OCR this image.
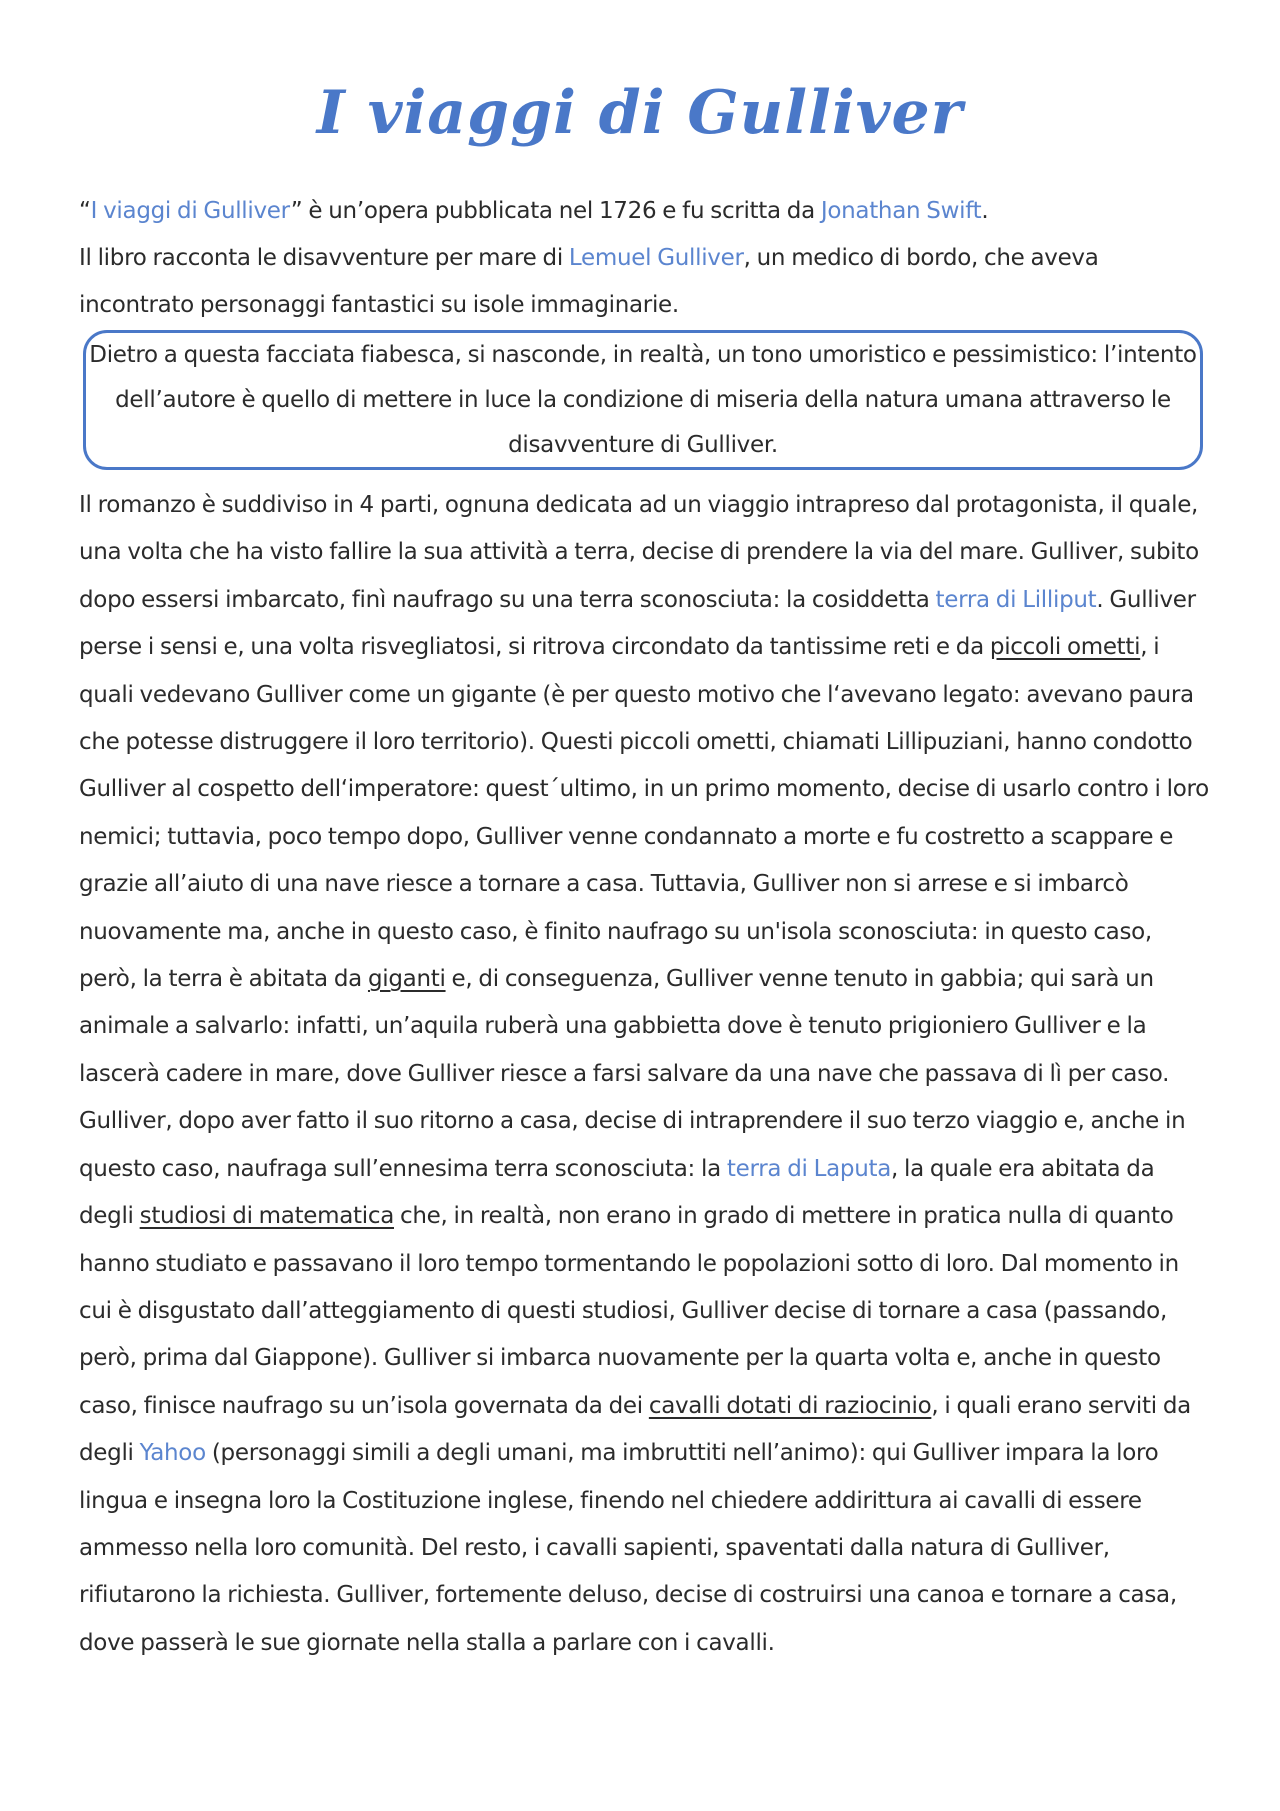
I viaggi di Gulliver

“I viaggi di Gulliver” è un’opera pubblicata nel 1726 e fu scritta da Jonathan Swift.

Il libro racconta le disavventure per mare di Lemuel Gulliver, un medico di bordo, che aveva incontrato personaggi fantastici su isole immaginarie.

Dietro a questa facciata fiabesca, si nasconde, in realtà, un tono umoristico e pessimistico: l’intento dell’autore è quello di mettere in luce la condizione di miseria della natura umana attraverso le disavventure di Gulliver.

Il romanzo è suddiviso in 4 parti, ognuna dedicata ad un viaggio intrapreso dal protagonista, il quale, una volta che ha visto fallire la sua attività a terra, decise di prendere la via del mare. Gulliver, subito dopo essersi imbarcato, finì naufrago su una terra sconosciuta: la cosiddetta terra di Lilliput. Gulliver perse i sensi e, una volta risvegliatosi, si ritrova circondato da tantissime reti e da piccoli ometti, i quali vedevano Gulliver come un gigante (è per questo motivo che l‘avevano legato: avevano paura che potesse distruggere il loro territorio). Questi piccoli ometti, chiamati Lillipuziani, hanno condotto Gulliver al cospetto dell‘imperatore: quest´ultimo, in un primo momento, decise di usarlo contro i loro nemici; tuttavia, poco tempo dopo, Gulliver venne condannato a morte e fu costretto a scappare e grazie all’aiuto di una nave riesce a tornare a casa. Tuttavia, Gulliver non si arrese e si imbarcò nuovamente ma, anche in questo caso, è finito naufrago su un'isola sconosciuta: in questo caso, però, la terra è abitata da giganti e, di conseguenza, Gulliver venne tenuto in gabbia; qui sarà un animale a salvarlo: infatti, un’aquila ruberà una gabbietta dove è tenuto prigioniero Gulliver e la lascerà cadere in mare, dove Gulliver riesce a farsi salvare da una nave che passava di lì per caso. Gulliver, dopo aver fatto il suo ritorno a casa, decise di intraprendere il suo terzo viaggio e, anche in questo caso, naufraga sull’ennesima terra sconosciuta: la terra di Laputa, la quale era abitata da degli studiosi di matematica che, in realtà, non erano in grado di mettere in pratica nulla di quanto hanno studiato e passavano il loro tempo tormentando le popolazioni sotto di loro. Dal momento in cui è disgustato dall’atteggiamento di questi studiosi, Gulliver decise di tornare a casa (passando, però, prima dal Giappone). Gulliver si imbarca nuovamente per la quarta volta e, anche in questo caso, finisce naufrago su un’isola governata da dei cavalli dotati di raziocinio, i quali erano serviti da degli Yahoo (personaggi simili a degli umani, ma imbruttiti nell’animo): qui Gulliver impara la loro lingua e insegna loro la Costituzione inglese, finendo nel chiedere addirittura ai cavalli di essere ammesso nella loro comunità. Del resto, i cavalli sapienti, spaventati dalla natura di Gulliver, rifiutarono la richiesta. Gulliver, fortemente deluso, decise di costruirsi una canoa e tornare a casa, dove passerà le sue giornate nella stalla a parlare con i cavalli.
